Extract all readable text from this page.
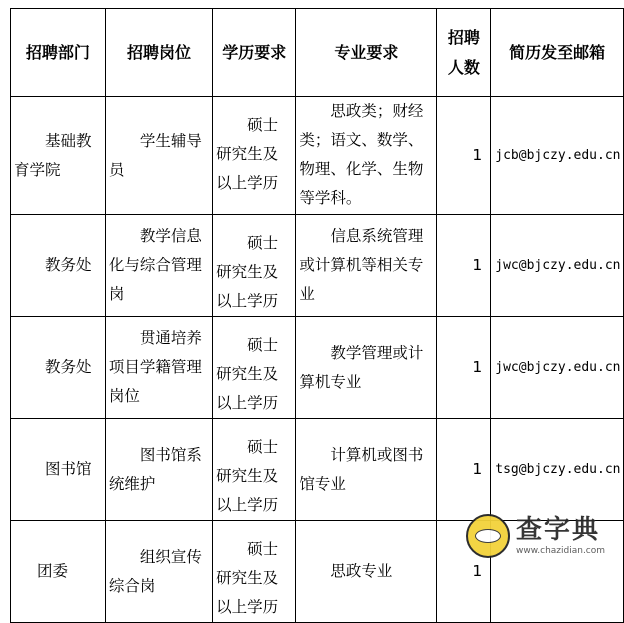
招聘部门	招聘岗位	学历要求	专业要求	招聘人数	简历发至邮箱

基础教育学院	学生辅导员	硕士研究生及以上学历	思政类；财经类；语文、数学、物理、化学、生物等学科。	1	jcb@bjczy.edu.cn

教务处	教学信息化与综合管理岗	硕士研究生及以上学历	信息系统管理或计算机等相关专业	1	jwc@bjczy.edu.cn

教务处	贯通培养项目学籍管理岗位	硕士研究生及以上学历	教学管理或计算机专业	1	jwc@bjczy.edu.cn

图书馆	图书馆系统维护	硕士研究生及以上学历	计算机或图书馆专业	1	tsg@bjczy.edu.cn
团委	组织宣传综合岗	硕士研究生及以上学历	思政专业	1	
查字典
www.chazidian.com
